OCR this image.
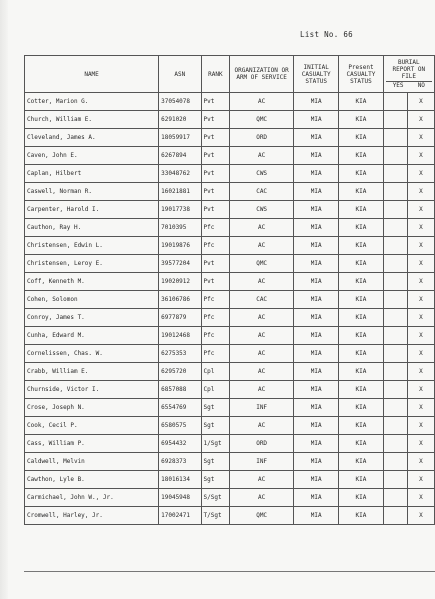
List No. 66
NAME	ASN	RANK	ORGANIZATION OR ARM OF SERVICE	INITIAL CASUALTY STATUS	Present CASUALTY STATUS	BURIAL REPORT ON FILE
YES NO	

Cotter, Marion G.	37054078	Pvt	AC	MIA	KIA		X
Church, William E.	6291020	Pvt	QMC	MIA	KIA		X
Cleveland, James A.	18059917	Pvt	ORD	MIA	KIA		X
Caven, John E.	6267894	Pvt	AC	MIA	KIA		X
Caplan, Hilbert	33048762	Pvt	CWS	MIA	KIA		X
Caswell, Norman R.	16021881	Pvt	CAC	MIA	KIA		X
Carpenter, Harold I.	19017738	Pvt	CWS	MIA	KIA		X
Cauthon, Ray H.	7010395	Pfc	AC	MIA	KIA		X
Christensen, Edwin L.	19019876	Pfc	AC	MIA	KIA		X
Christensen, Leroy E.	39577204	Pvt	QMC	MIA	KIA		X
Coff, Kenneth M.	19020912	Pvt	AC	MIA	KIA		X
Cohen, Solomon	36106786	Pfc	CAC	MIA	KIA		X
Conroy, James T.	6977879	Pfc	AC	MIA	KIA		X
Cunha, Edward M.	19012468	Pfc	AC	MIA	KIA		X
Cornelissen, Chas. W.	6275353	Pfc	AC	MIA	KIA		X
Crabb, William E.	6295720	Cpl	AC	MIA	KIA		X
Churnside, Victor I.	6857088	Cpl	AC	MIA	KIA		X
Crose, Joseph N.	6554769	Sgt	INF	MIA	KIA		X
Cook, Cecil P.	6580575	Sgt	AC	MIA	KIA		X
Cass, William P.	6954432	1/Sgt	ORD	MIA	KIA		X
Caldwell, Melvin	6928373	Sgt	INF	MIA	KIA		X
Cawthon, Lyle B.	18016134	Sgt	AC	MIA	KIA		X
Carmichael, John W., Jr.	19045948	S/Sgt	AC	MIA	KIA		X
Cromwell, Harley, Jr.	17002471	T/Sgt	QMC	MIA	KIA		X
